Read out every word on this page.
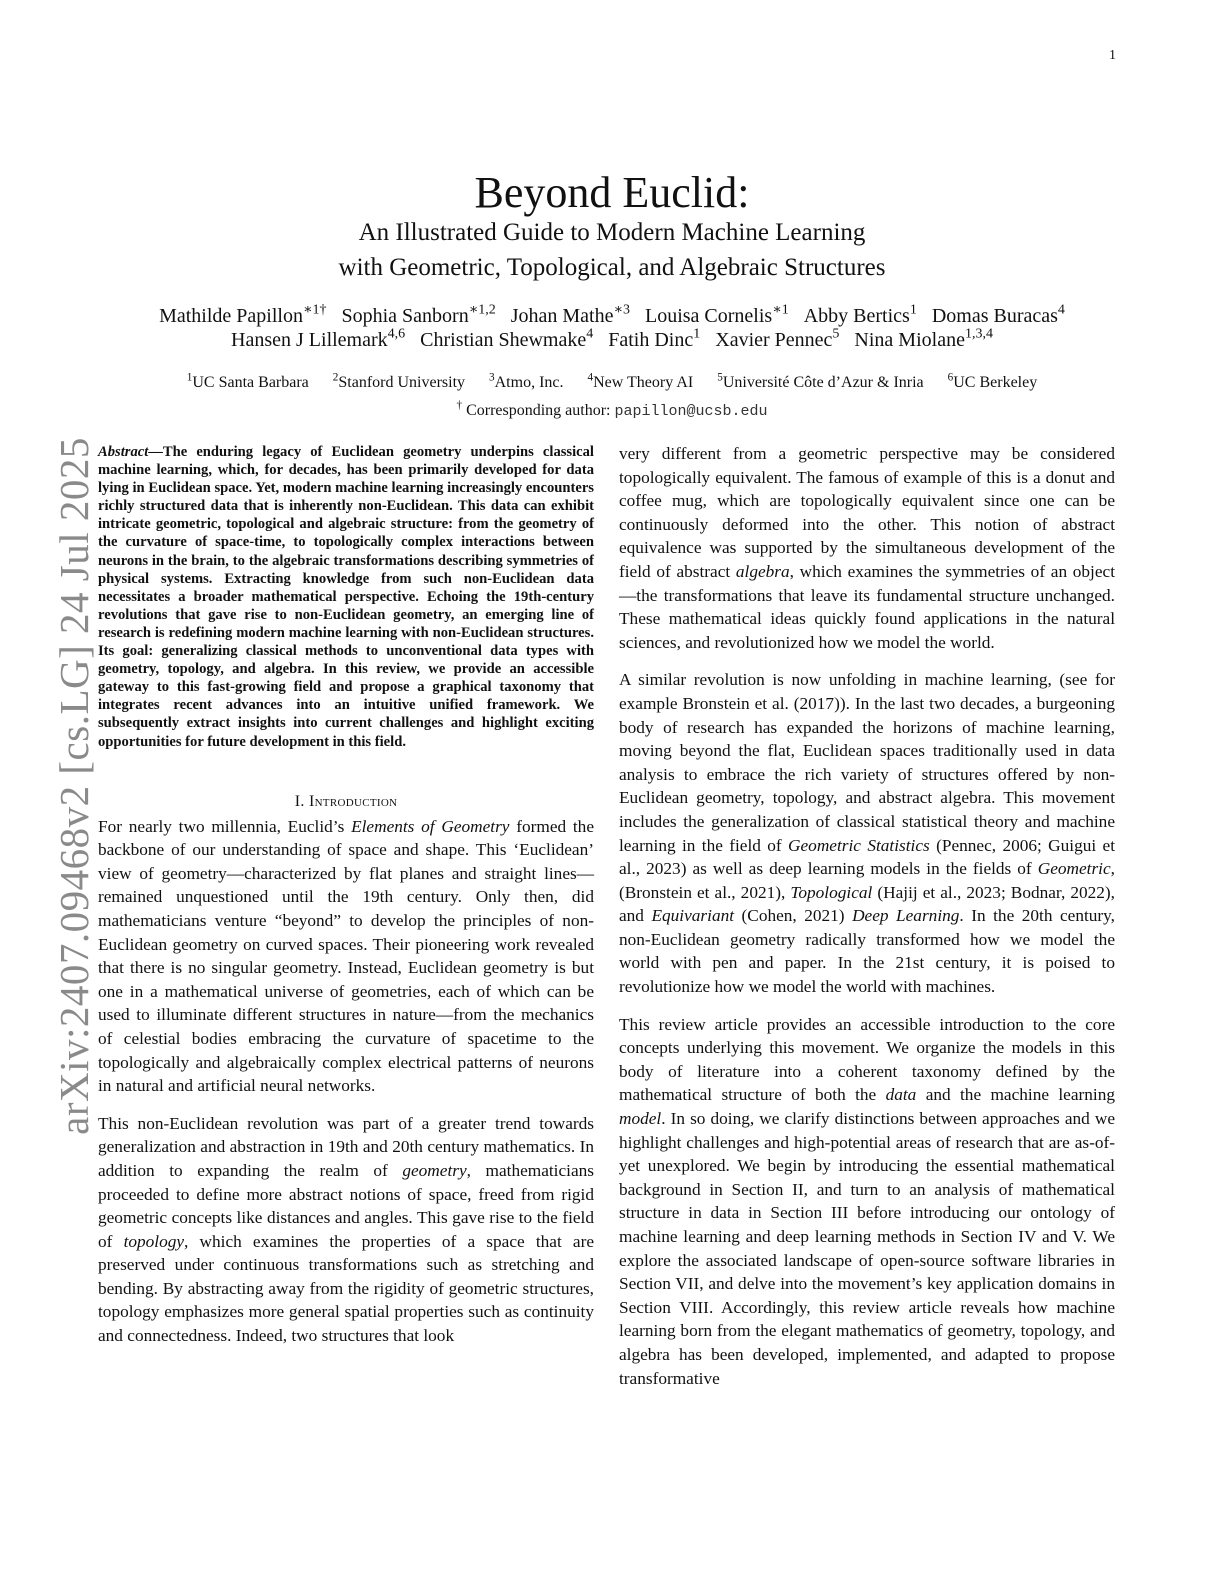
1
arXiv:2407.09468v2 [cs.LG] 24 Jul 2025
Beyond Euclid:
An Illustrated Guide to Modern Machine Learning
with Geometric, Topological, and Algebraic Structures
Mathilde Papillon$^{∗1\dagger}$ Sophia Sanborn$^{∗1,2}$ Johan Mathe$^{∗3}$ Louisa Cornelis$^{∗1}$ Abby Bertics$^1$ Domas Buracas$^4$
Hansen J Lillemark$^{4,6}$ Christian Shewmake$^4$ Fatih Dinc$^1$ Xavier Pennec$^5$ Nina Miolane$^{1,3,4}$
$^1$UC Santa Barbara $^2$Stanford University $^3$Atmo, Inc. $^4$New Theory AI $^5$Université Côte d’Azur & Inria $^6$UC Berkeley
† Corresponding author: papillon@ucsb.edu

Abstract—The enduring legacy of Euclidean geometry underpins classical machine learning, which, for decades, has been primarily developed for data lying in Euclidean space. Yet, modern machine learning increasingly encounters richly structured data that is inherently non-Euclidean. This data can exhibit intricate geometric, topological and algebraic structure: from the geometry of the curvature of space-time, to topologically complex interactions between neurons in the brain, to the algebraic transformations describing symmetries of physical systems. Extracting knowledge from such non-Euclidean data necessitates a broader mathematical perspective. Echoing the 19th-century revolutions that gave rise to non-Euclidean geometry, an emerging line of research is redefining modern machine learning with non-Euclidean structures. Its goal: generalizing classical methods to unconventional data types with geometry, topology, and algebra. In this review, we provide an accessible gateway to this fast-growing field and propose a graphical taxonomy that integrates recent advances into an intuitive unified framework. We subsequently extract insights into current challenges and highlight exciting opportunities for future development in this field.

I. Introduction

For nearly two millennia, Euclid’s Elements of Geometry formed the backbone of our understanding of space and shape. This ‘Euclidean’ view of geometry—characterized by flat planes and straight lines—remained unquestioned until the 19th century. Only then, did mathematicians venture “beyond” to develop the principles of non-Euclidean geometry on curved spaces. Their pioneering work revealed that there is no singular geometry. Instead, Euclidean geometry is but one in a mathematical universe of geometries, each of which can be used to illuminate different structures in nature—from the mechanics of celestial bodies embracing the curvature of spacetime to the topologically and algebraically complex electrical patterns of neurons in natural and artificial neural networks.

This non-Euclidean revolution was part of a greater trend towards generalization and abstraction in 19th and 20th century mathematics. In addition to expanding the realm of geometry, mathematicians proceeded to define more abstract notions of space, freed from rigid geometric concepts like distances and angles. This gave rise to the field of topology, which examines the properties of a space that are preserved under continuous transformations such as stretching and bending. By abstracting away from the rigidity of geometric structures, topology emphasizes more general spatial properties such as continuity and connectedness. Indeed, two structures that look

very different from a geometric perspective may be considered topologically equivalent. The famous of example of this is a donut and coffee mug, which are topologically equivalent since one can be continuously deformed into the other. This notion of abstract equivalence was supported by the simultaneous development of the field of abstract algebra, which examines the symmetries of an object—the transformations that leave its fundamental structure unchanged. These mathematical ideas quickly found applications in the natural sciences, and revolutionized how we model the world.

A similar revolution is now unfolding in machine learning, (see for example Bronstein et al. (2017)). In the last two decades, a burgeoning body of research has expanded the horizons of machine learning, moving beyond the flat, Euclidean spaces traditionally used in data analysis to embrace the rich variety of structures offered by non-Euclidean geometry, topology, and abstract algebra. This movement includes the generalization of classical statistical theory and machine learning in the field of Geometric Statistics (Pennec, 2006; Guigui et al., 2023) as well as deep learning models in the fields of Geometric, (Bronstein et al., 2021), Topological (Hajij et al., 2023; Bodnar, 2022), and Equivariant (Cohen, 2021) Deep Learning. In the 20th century, non-Euclidean geometry radically transformed how we model the world with pen and paper. In the 21st century, it is poised to revolutionize how we model the world with machines.

This review article provides an accessible introduction to the core concepts underlying this movement. We organize the models in this body of literature into a coherent taxonomy defined by the mathematical structure of both the data and the machine learning model. In so doing, we clarify distinctions between approaches and we highlight challenges and high-potential areas of research that are as-of-yet unexplored. We begin by introducing the essential mathematical background in Section II, and turn to an analysis of mathematical structure in data in Section III before introducing our ontology of machine learning and deep learning methods in Section IV and V. We explore the associated landscape of open-source software libraries in Section VII, and delve into the movement’s key application domains in Section VIII. Accordingly, this review article reveals how machine learning born from the elegant mathematics of geometry, topology, and algebra has been developed, implemented, and adapted to propose transformative
